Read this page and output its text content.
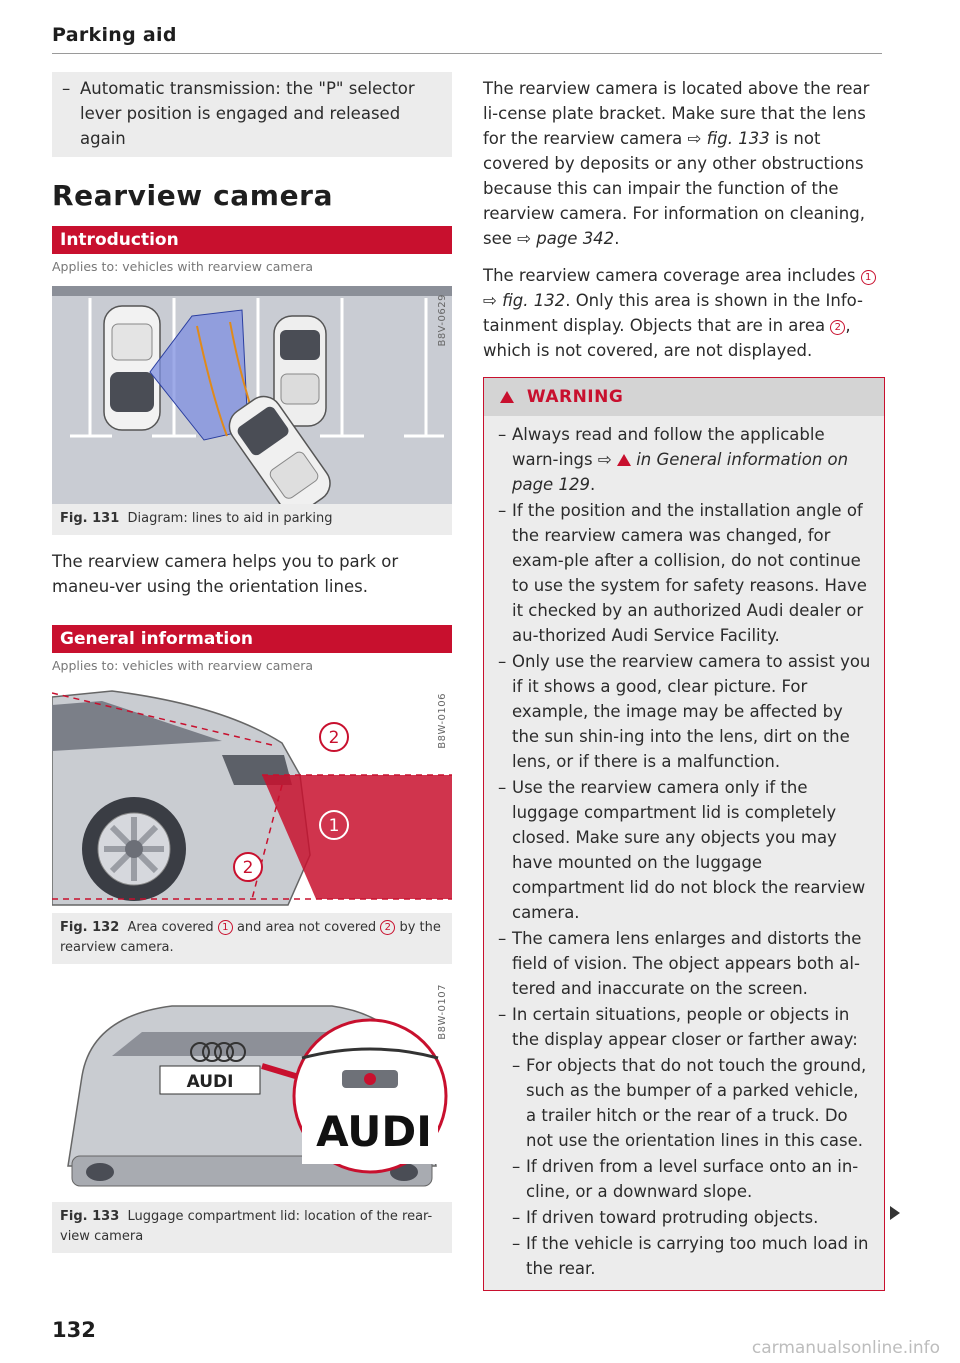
Parking aid
– Automatic transmission: the "P" selector
lever position is engaged and released again
Rearview camera
Introduction
Applies to: vehicles with rearview camera
B8V-0629
Fig. 131 Diagram: lines to aid in parking
The rearview camera helps you to park or maneu-ver using the orientation lines.
General information
Applies to: vehicles with rearview camera
2
1
2
B8W-0106
Fig. 132 Area covered 1 and area not covered 2 by the rearview camera.
AUDI
AUDI
B8W-0107
Fig. 133 Luggage compartment lid: location of the rear-view camera

The rearview camera is located above the rear li-cense plate bracket. Make sure that the lens for the rearview camera ⇨ fig. 133 is not covered by deposits or any other obstructions because this can impair the function of the rearview camera. For information on cleaning, see ⇨ page 342.

The rearview camera coverage area includes 1 ⇨ fig. 132. Only this area is shown in the Info-tainment display. Objects that are in area 2 , which is not covered, are not displayed.

WARNING
– Always read and follow the applicable warn-ings ⇨ in General information on page 129.
– If the position and the installation angle of the rearview camera was changed, for exam-ple after a collision, do not continue to use the system for safety reasons. Have it checked by an authorized Audi dealer or au-thorized Audi Service Facility.
– Only use the rearview camera to assist you if it shows a good, clear picture. For example, the image may be affected by the sun shin-ing into the lens, dirt on the lens, or if there is a malfunction.
– Use the rearview camera only if the luggage compartment lid is completely closed. Make sure any objects you may have mounted on the luggage compartment lid do not block the rearview camera.
– The camera lens enlarges and distorts the field of vision. The object appears both al-tered and inaccurate on the screen.
– In certain situations, people or objects in the display appear closer or farther away:
– For objects that do not touch the ground, such as the bumper of a parked vehicle, a trailer hitch or the rear of a truck. Do not use the orientation lines in this case.
– If driven from a level surface onto an in-cline, or a downward slope.
– If driven toward protruding objects.
– If the vehicle is carrying too much load in the rear.
132
carmanualsonline.info
